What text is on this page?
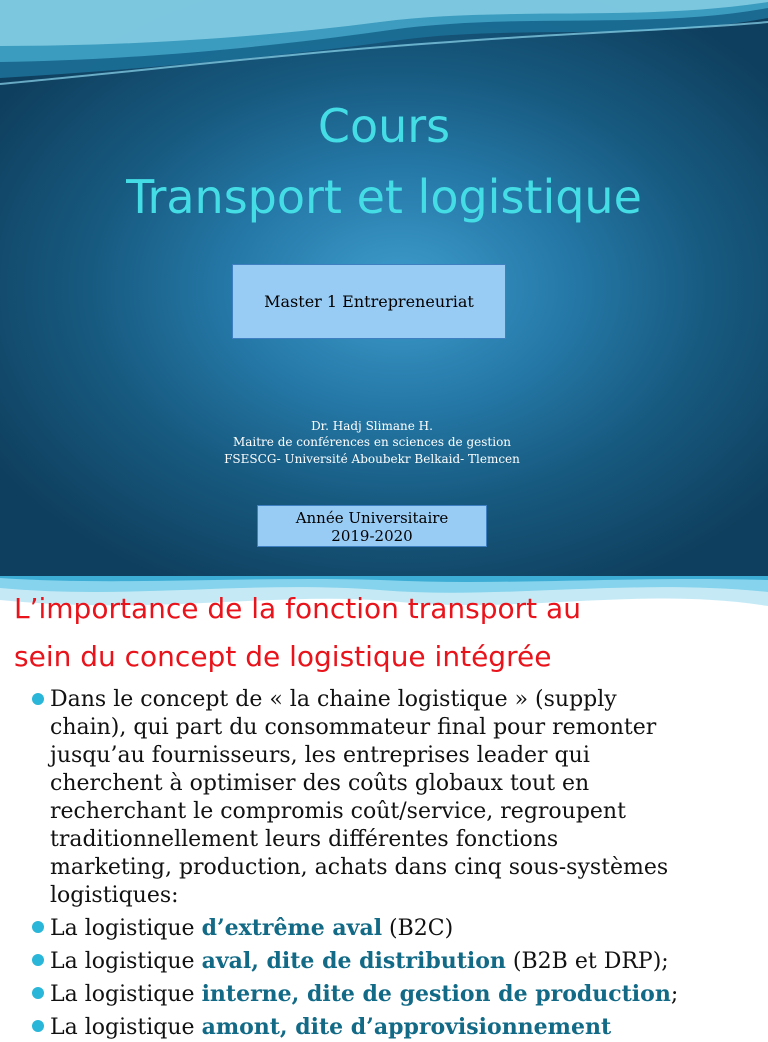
Cours
Transport et logistique
Master 1 Entrepreneuriat
Dr. Hadj Slimane H.
Maitre de conférences en sciences de gestion
FSESCG- Université Aboubekr Belkaid- Tlemcen
Année Universitaire
2019-2020
L’importance de la fonction transport au
sein du concept de logistique intégrée
Dans le concept de « la chaine logistique » (supply
chain), qui part du consommateur final pour remonter
jusqu’au fournisseurs, les entreprises leader qui
cherchent à optimiser des coûts globaux tout en
recherchant le compromis coût/service, regroupent
traditionnellement leurs différentes fonctions
marketing, production, achats dans cinq sous-systèmes
logistiques:
La logistique d’extrême aval (B2C)
La logistique aval, dite de distribution (B2B et DRP);
La logistique interne, dite de gestion de production;
La logistique amont, dite d’approvisionnement
